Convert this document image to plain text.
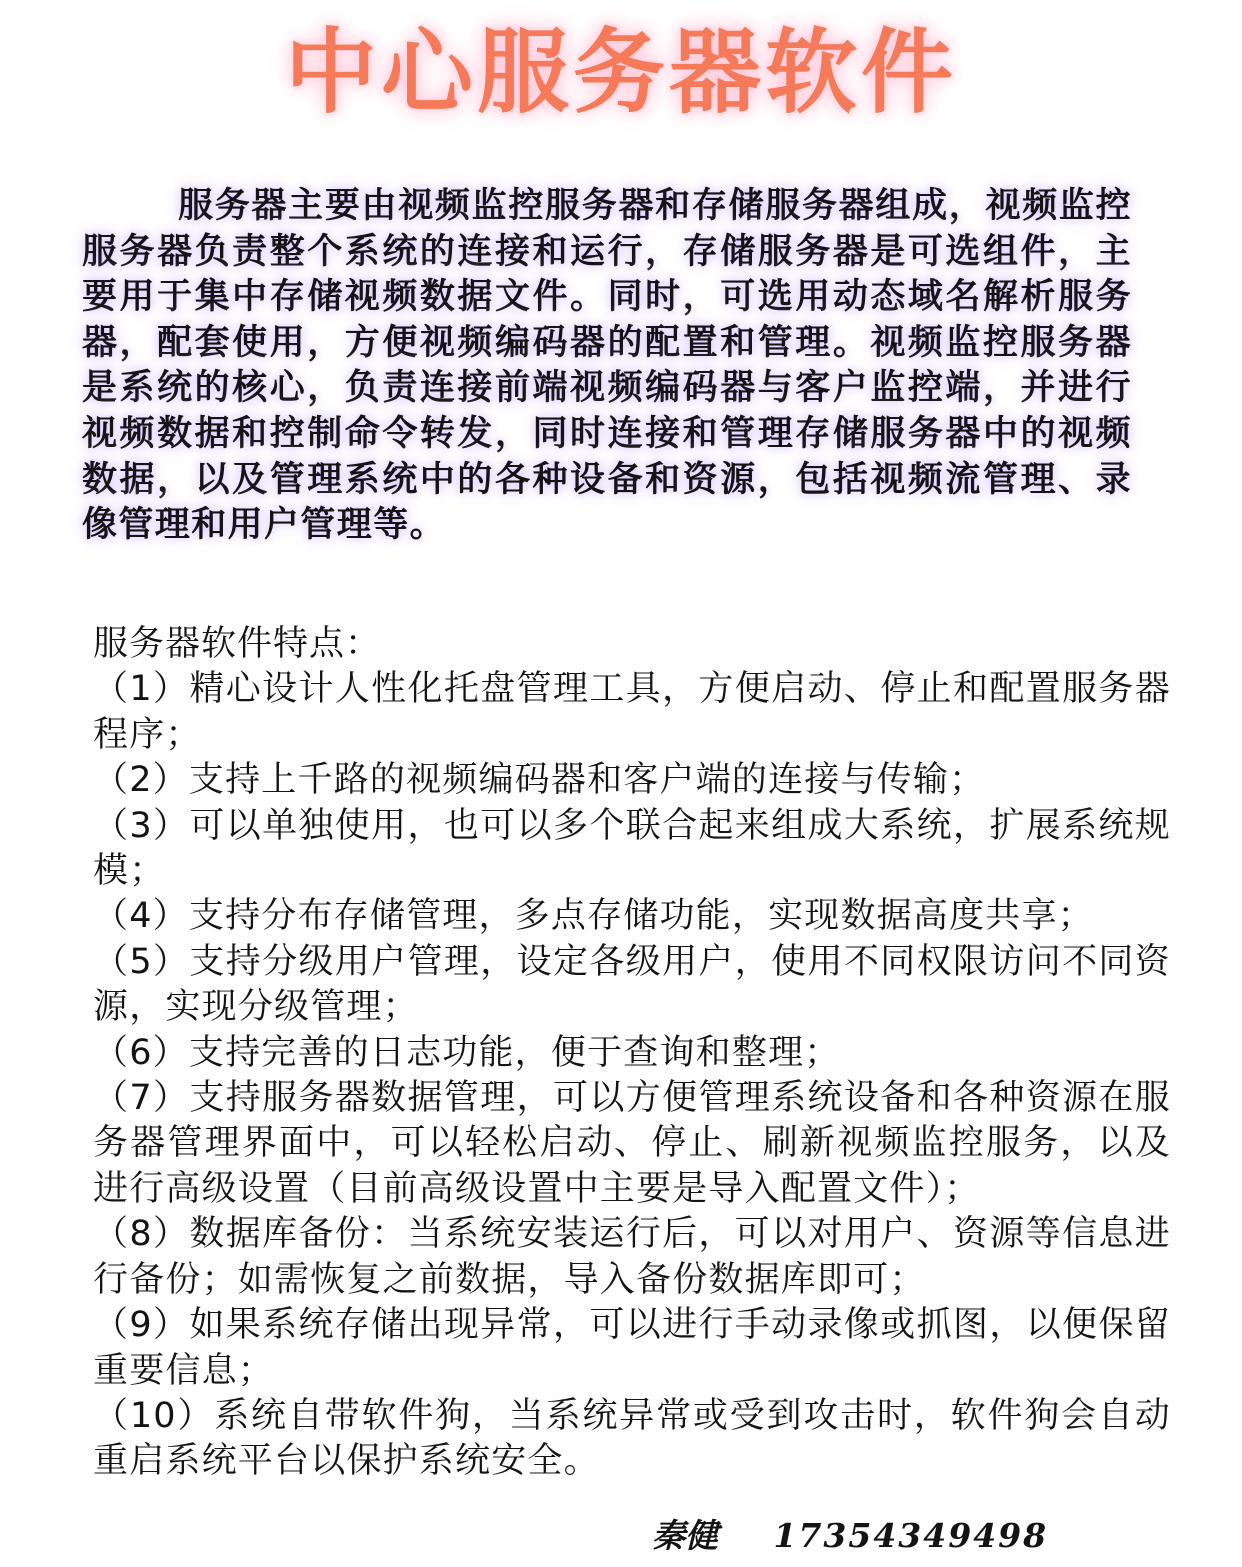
中心服务器软件

服务器主要由视频监控服务器和存储服务器组成，视频监控服务器负责整个系统的连接和运行，存储服务器是可选组件，主要用于集中存储视频数据文件。同时，可选用动态域名解析服务器，配套使用，方便视频编码器的配置和管理。视频监控服务器是系统的核心，负责连接前端视频编码器与客户监控端，并进行视频数据和控制命令转发，同时连接和管理存储服务器中的视频数据，以及管理系统中的各种设备和资源，包括视频流管理、录像管理和用户管理等。

服务器软件特点：
（1）精心设计人性化托盘管理工具，方便启动、停止和配置服务器程序；
（2）支持上千路的视频编码器和客户端的连接与传输；
（3）可以单独使用，也可以多个联合起来组成大系统，扩展系统规模；
（4）支持分布存储管理，多点存储功能，实现数据高度共享；
（5）支持分级用户管理，设定各级用户，使用不同权限访问不同资源，实现分级管理；
（6）支持完善的日志功能，便于查询和整理；
（7）支持服务器数据管理，可以方便管理系统设备和各种资源在服务器管理界面中，可以轻松启动、停止、刷新视频监控服务，以及进行高级设置（目前高级设置中主要是导入配置文件）；
（8）数据库备份：当系统安装运行后，可以对用户、资源等信息进行备份；如需恢复之前数据，导入备份数据库即可；
（9）如果系统存储出现异常，可以进行手动录像或抓图，以便保留重要信息；
（10）系统自带软件狗，当系统异常或受到攻击时，软件狗会自动重启系统平台以保护系统安全。
秦健 17354349498
